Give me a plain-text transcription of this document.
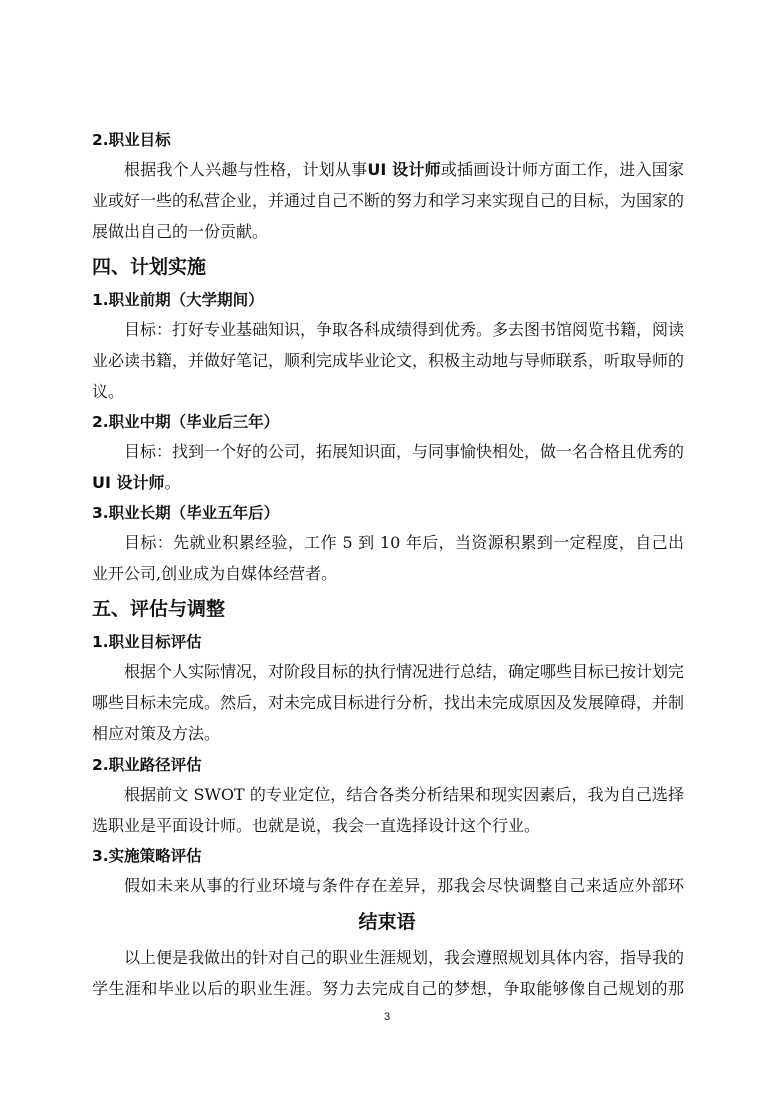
2.职业目标
根据我个人兴趣与性格，计划从事UI 设计师或插画设计师方面工作，进入国家
业或好一些的私营企业，并通过自己不断的努力和学习来实现自己的目标，为国家的
展做出自己的一份贡献。
四、计划实施
1.职业前期（大学期间）
目标：打好专业基础知识，争取各科成绩得到优秀。多去图书馆阅览书籍，阅读
业必读书籍，并做好笔记，顺利完成毕业论文，积极主动地与导师联系，听取导师的
议。
2.职业中期（毕业后三年）
目标：找到一个好的公司，拓展知识面，与同事愉快相处，做一名合格且优秀的
UI 设计师。
3.职业长期（毕业五年后）
目标：先就业积累经验，工作 5 到 10 年后，当资源积累到一定程度，自己出
业开公司,创业成为自媒体经营者。
五、评估与调整
1.职业目标评估
根据个人实际情况，对阶段目标的执行情况进行总结，确定哪些目标已按计划完
哪些目标未完成。然后，对未完成目标进行分析，找出未完成原因及发展障碍，并制
相应对策及方法。
2.职业路径评估
根据前文 SWOT 的专业定位，结合各类分析结果和现实因素后，我为自己选择
选职业是平面设计师。也就是说，我会一直选择设计这个行业。
3.实施策略评估
假如未来从事的行业环境与条件存在差异，那我会尽快调整自己来适应外部环
结束语
以上便是我做出的针对自己的职业生涯规划，我会遵照规划具体内容，指导我的
学生涯和毕业以后的职业生涯。努力去完成自己的梦想，争取能够像自己规划的那
3
